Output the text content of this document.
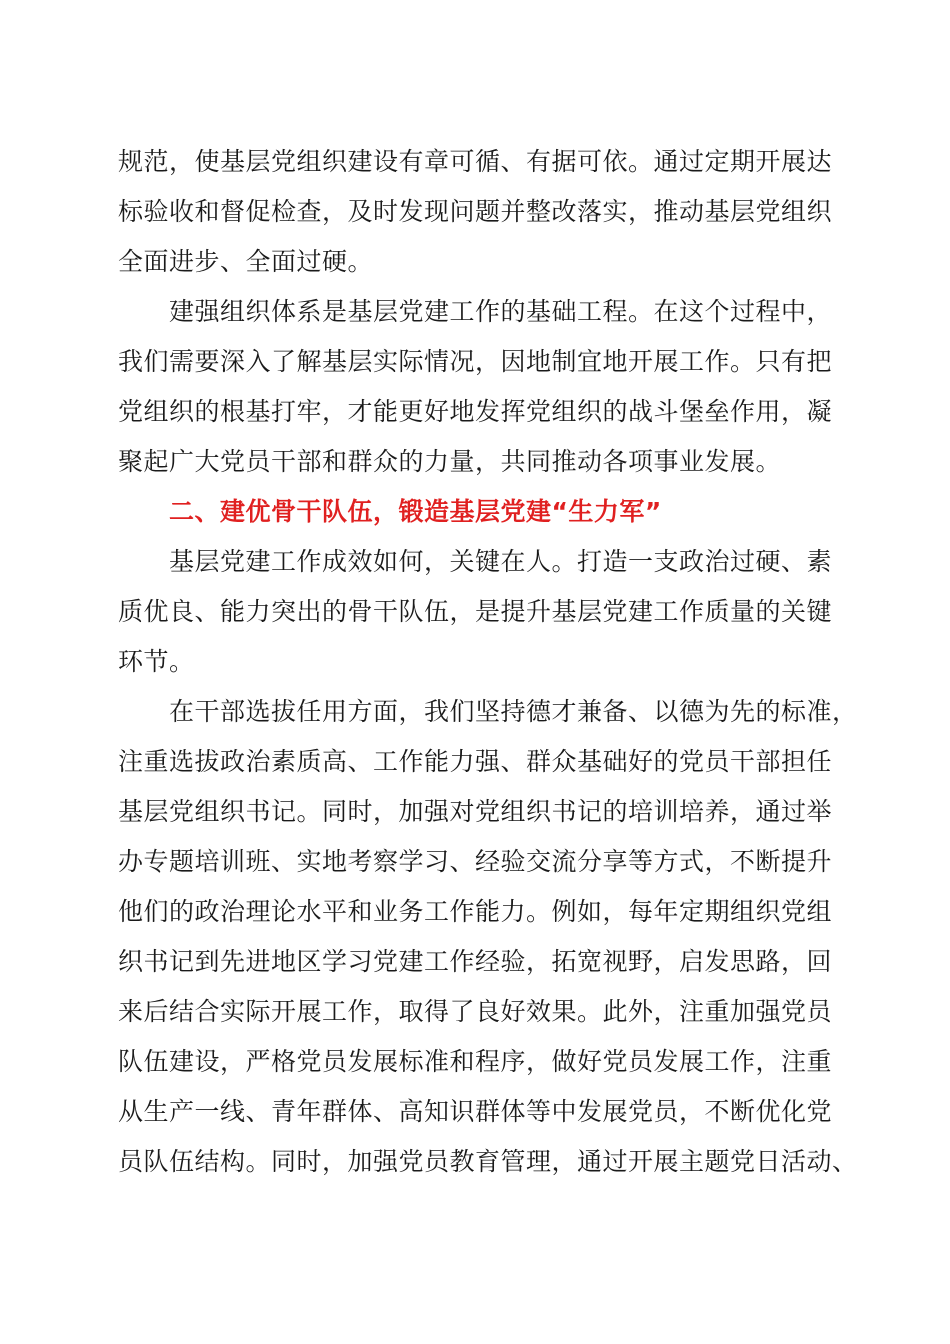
规范，使基层党组织建设有章可循、有据可依。通过定期开展达
标验收和督促检查，及时发现问题并整改落实，推动基层党组织
全面进步、全面过硬。
建强组织体系是基层党建工作的基础工程。在这个过程中，
我们需要深入了解基层实际情况，因地制宜地开展工作。只有把
党组织的根基打牢，才能更好地发挥党组织的战斗堡垒作用，凝
聚起广大党员干部和群众的力量，共同推动各项事业发展。
二、建优骨干队伍，锻造基层党建“生力军”
基层党建工作成效如何，关键在人。打造一支政治过硬、素
质优良、能力突出的骨干队伍，是提升基层党建工作质量的关键
环节。
在干部选拔任用方面，我们坚持德才兼备、以德为先的标准，
注重选拔政治素质高、工作能力强、群众基础好的党员干部担任
基层党组织书记。同时，加强对党组织书记的培训培养，通过举
办专题培训班、实地考察学习、经验交流分享等方式，不断提升
他们的政治理论水平和业务工作能力。例如，每年定期组织党组
织书记到先进地区学习党建工作经验，拓宽视野，启发思路，回
来后结合实际开展工作，取得了良好效果。此外，注重加强党员
队伍建设，严格党员发展标准和程序，做好党员发展工作，注重
从生产一线、青年群体、高知识群体等中发展党员，不断优化党
员队伍结构。同时，加强党员教育管理，通过开展主题党日活动、
